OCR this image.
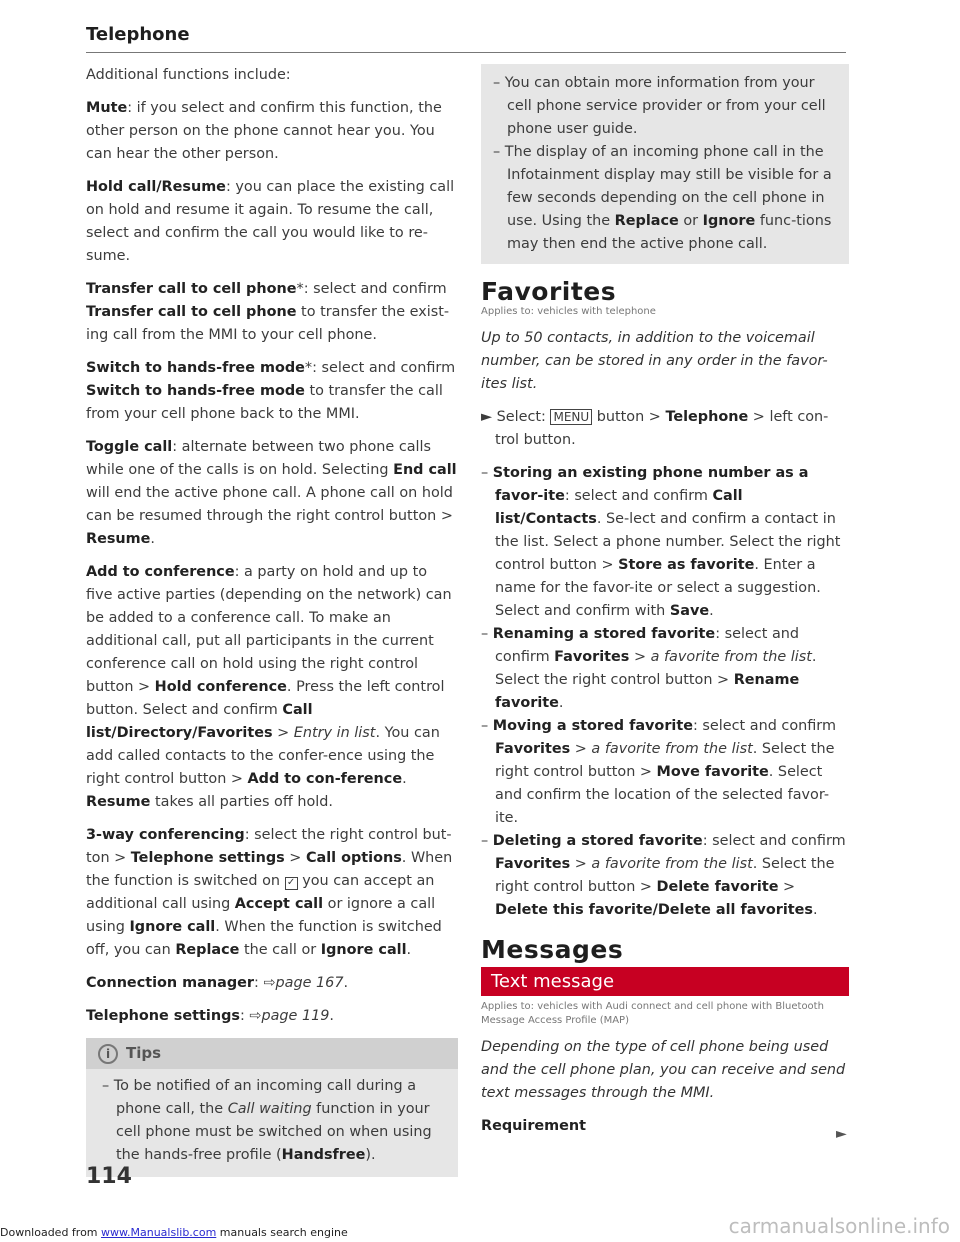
Telephone

Additional functions include:

Mute: if you select and confirm this function, the other person on the phone cannot hear you. You can hear the other person.

Hold call/Resume: you can place the existing call on hold and resume it again. To resume the call, select and confirm the call you would like to re-sume.

Transfer call to cell phone*: select and confirm Transfer call to cell phone to transfer the exist-ing call from the MMI to your cell phone.

Switch to hands-free mode*: select and confirm Switch to hands-free mode to transfer the call from your cell phone back to the MMI.

Toggle call: alternate between two phone calls while one of the calls is on hold. Selecting End call will end the active phone call. A phone call on hold can be resumed through the right control button > Resume.

Add to conference: a party on hold and up to five active parties (depending on the network) can be added to a conference call. To make an additional call, put all participants in the current conference call on hold using the right control button > Hold conference. Press the left control button. Select and confirm Call list/Directory/Favorites > Entry in list. You can add called contacts to the confer-ence using the right control button > Add to con-ference. Resume takes all parties off hold.

3-way conferencing: select the right control but-ton > Telephone settings > Call options. When the function is switched on ✓ you can accept an additional call using Accept call or ignore a call using Ignore call. When the function is switched off, you can Replace the call or Ignore call.

Connection manager: ⇨page 167.

Telephone settings: ⇨page 119.

i Tips

– To be notified of an incoming call during a phone call, the Call waiting function in your cell phone must be switched on when using the hands-free profile (Handsfree).

– You can obtain more information from your cell phone service provider or from your cell phone user guide.

– The display of an incoming phone call in the Infotainment display may still be visible for a few seconds depending on the cell phone in use. Using the Replace or Ignore func-tions may then end the active phone call.

Favorites
Applies to: vehicles with telephone

Up to 50 contacts, in addition to the voicemail number, can be stored in any order in the favor-ites list.

► Select: MENU button > Telephone > left con-trol button.

– Storing an existing phone number as a favor-ite: select and confirm Call list/Contacts. Se-lect and confirm a contact in the list. Select a phone number. Select the right control button > Store as favorite. Enter a name for the favor-ite or select a suggestion. Select and confirm with Save.

– Renaming a stored favorite: select and confirm Favorites > a favorite from the list. Select the right control button > Rename favorite.

– Moving a stored favorite: select and confirm Favorites > a favorite from the list. Select the right control button > Move favorite. Select and confirm the location of the selected favor-ite.

– Deleting a stored favorite: select and confirm Favorites > a favorite from the list. Select the right control button > Delete favorite > Delete this favorite/Delete all favorites.

Messages
Text message
Applies to: vehicles with Audi connect and cell phone with Bluetooth Message Access Profile (MAP)

Depending on the type of cell phone being used and the cell phone plan, you can receive and send text messages through the MMI.

Requirement	►
114
Downloaded from www.Manualslib.com manuals search engine	carmanualsonline.info
